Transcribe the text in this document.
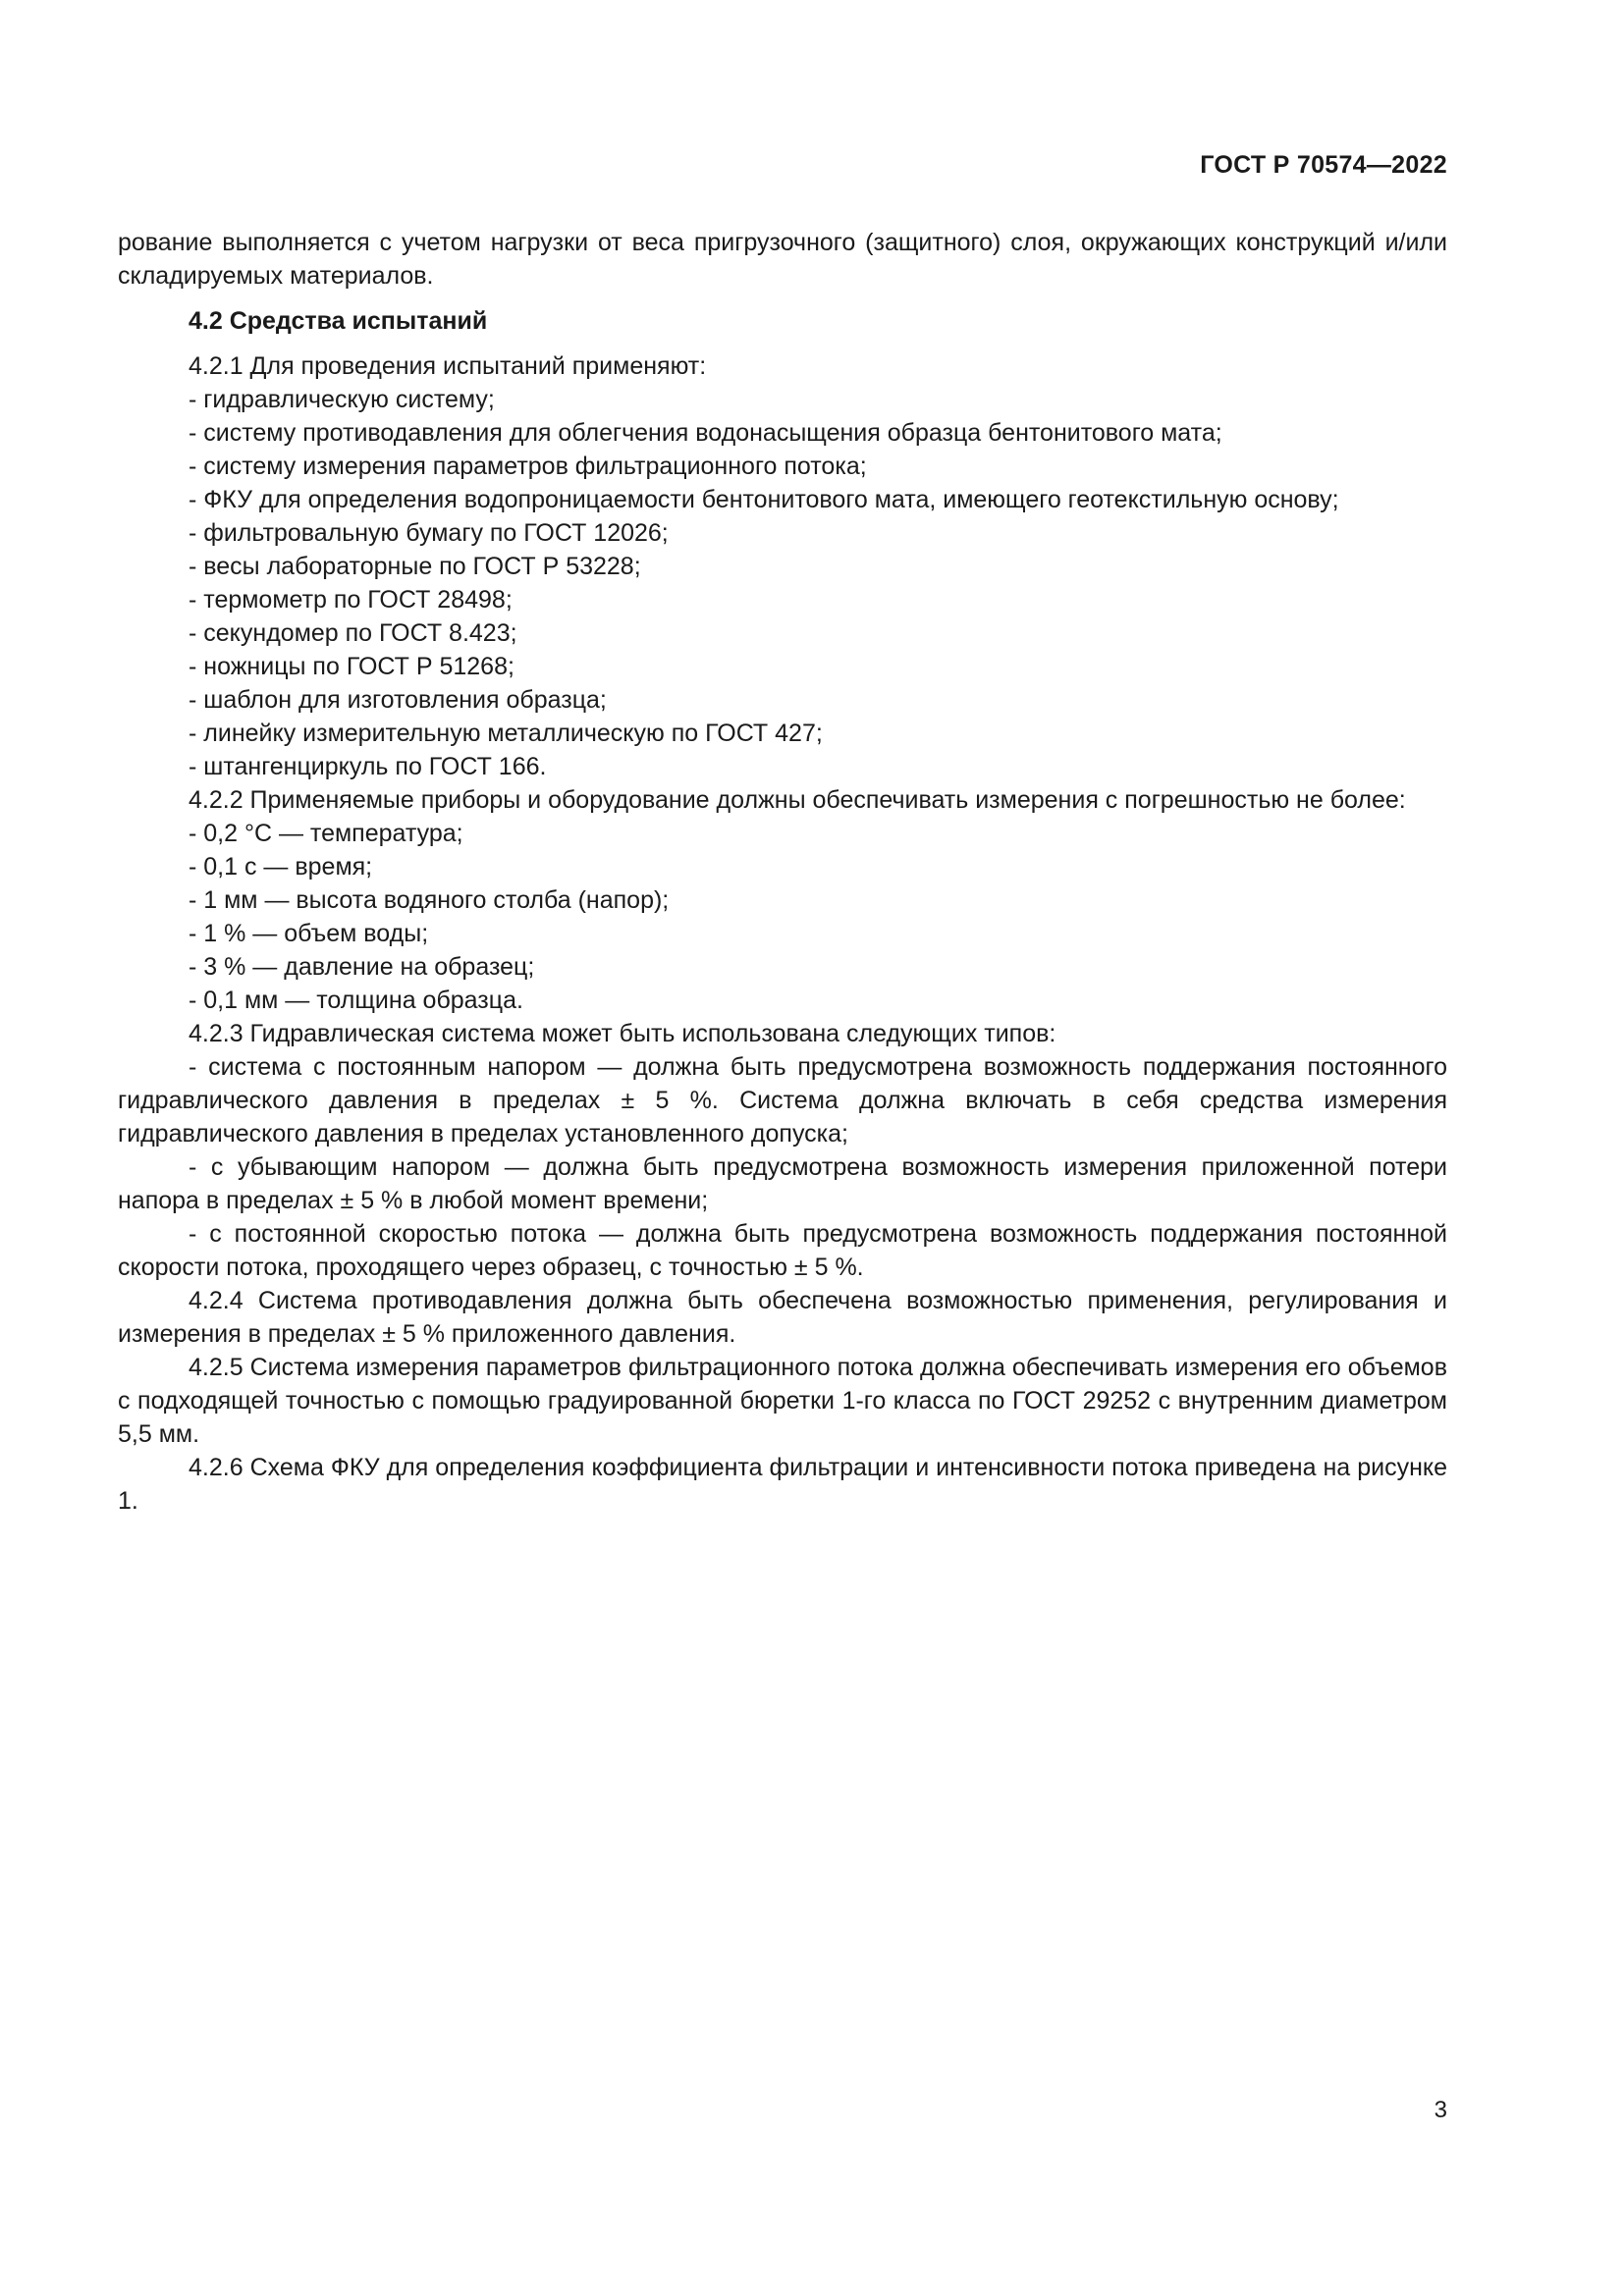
ГОСТ Р 70574—2022

рование выполняется с учетом нагрузки от веса пригрузочного (защитного) слоя, окружающих конструкций и/или складируемых материалов.

4.2 Средства испытаний

4.2.1 Для проведения испытаний применяют:

- гидравлическую систему;
- систему противодавления для облегчения водонасыщения образца бентонитового мата;
- систему измерения параметров фильтрационного потока;
- ФКУ для определения водопроницаемости бентонитового мата, имеющего геотекстильную основу;
- фильтровальную бумагу по ГОСТ 12026;
- весы лабораторные по ГОСТ Р 53228;
- термометр по ГОСТ 28498;
- секундомер по ГОСТ 8.423;
- ножницы по ГОСТ Р 51268;
- шаблон для изготовления образца;
- линейку измерительную металлическую по ГОСТ 427;
- штангенциркуль по ГОСТ 166.

4.2.2 Применяемые приборы и оборудование должны обеспечивать измерения с погрешностью не более:

- 0,2 °С — температура;
- 0,1 с — время;
- 1 мм — высота водяного столба (напор);
- 1 % — объем воды;
- 3 % — давление на образец;
- 0,1 мм — толщина образца.

4.2.3 Гидравлическая система может быть использована следующих типов:

- система с постоянным напором — должна быть предусмотрена возможность поддержания постоянного гидравлического давления в пределах ± 5 %. Система должна включать в себя средства измерения гидравлического давления в пределах установленного допуска;
- с убывающим напором — должна быть предусмотрена возможность измерения приложенной потери напора в пределах ± 5 % в любой момент времени;
- с постоянной скоростью потока — должна быть предусмотрена возможность поддержания постоянной скорости потока, проходящего через образец, с точностью ± 5 %.

4.2.4 Система противодавления должна быть обеспечена возможностью применения, регулирования и измерения в пределах ± 5 % приложенного давления.

4.2.5 Система измерения параметров фильтрационного потока должна обеспечивать измерения его объемов с подходящей точностью с помощью градуированной бюретки 1-го класса по ГОСТ 29252 с внутренним диаметром 5,5 мм.

4.2.6 Схема ФКУ для определения коэффициента фильтрации и интенсивности потока приведена на рисунке 1.

3
